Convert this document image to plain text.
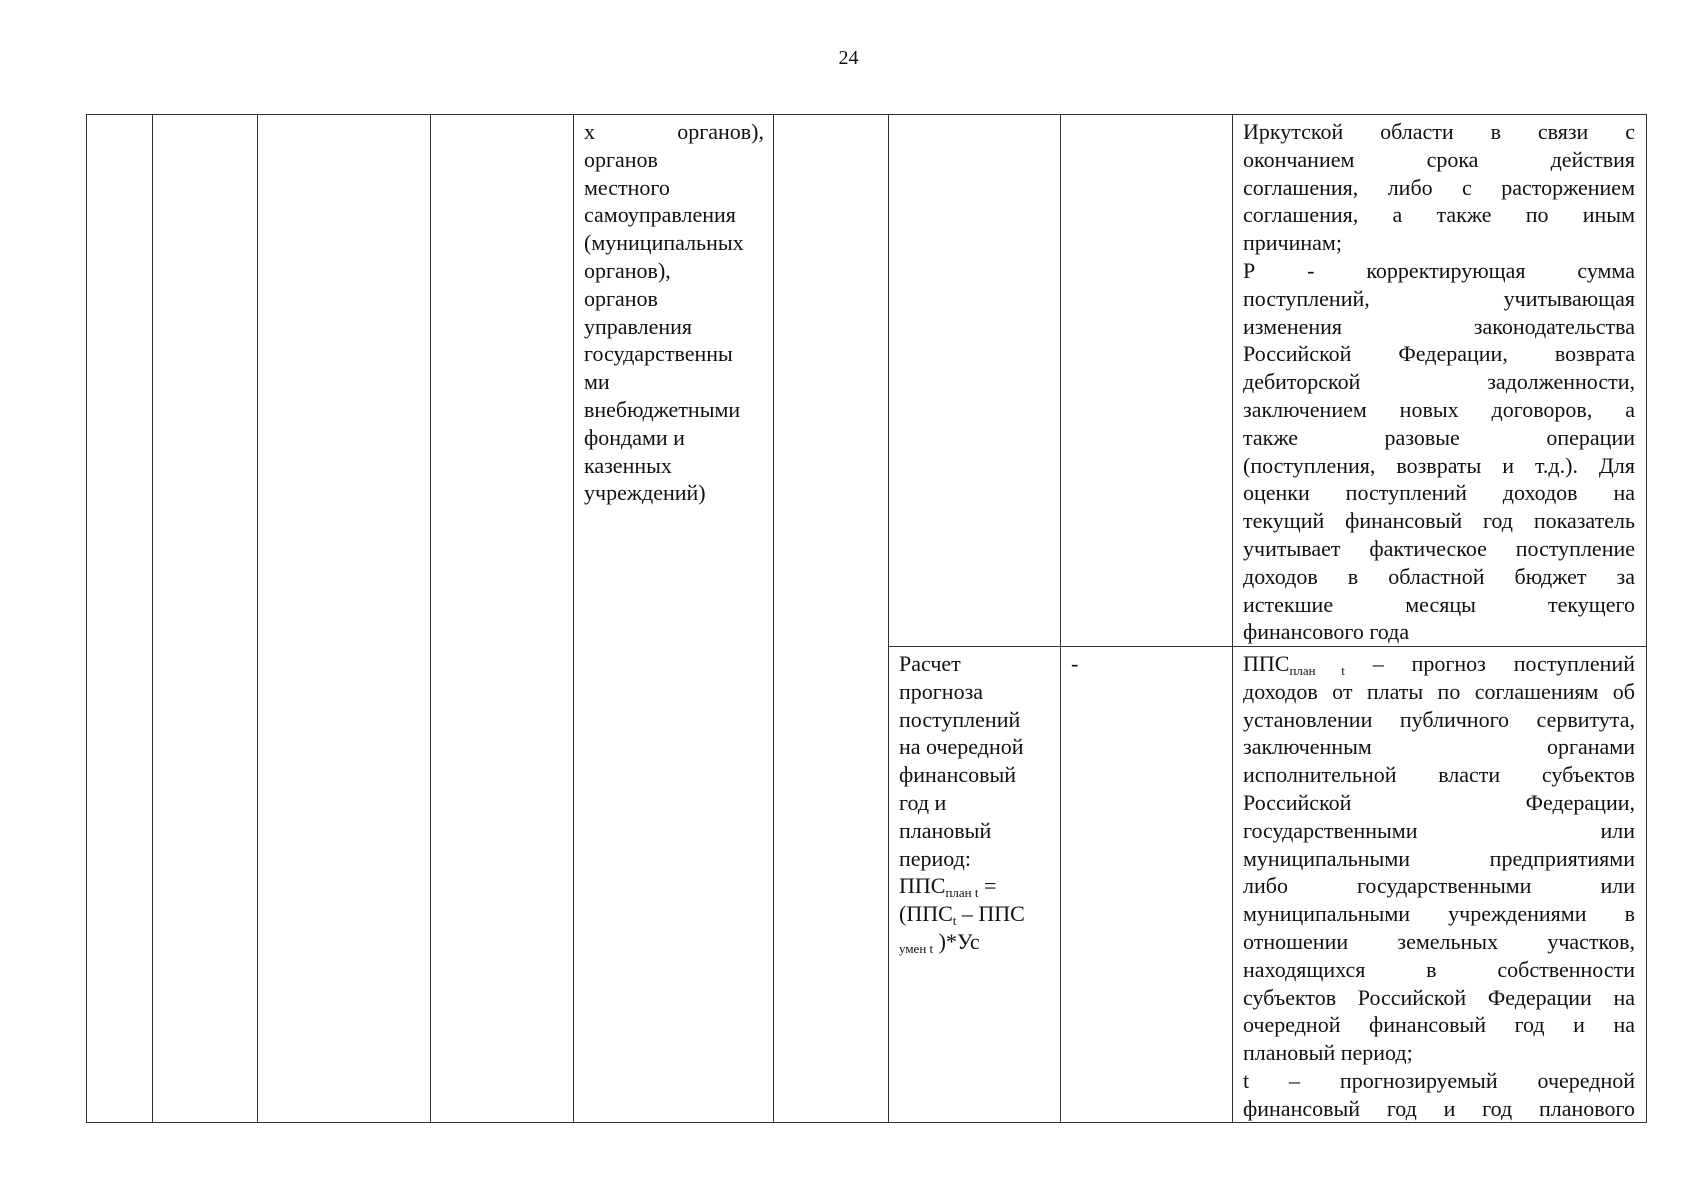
24
х органов),
органов
местного
самоуправления
(муниципальных
органов),
органов
управления
государственны
ми
внебюджетными
фондами и
казенных
учреждений)
Иркутской области в связи с
окончанием срока действия
соглашения, либо с расторжением
соглашения, а также по иным
причинам;
Р - корректирующая сумма
поступлений, учитывающая
изменения законодательства
Российской Федерации, возврата
дебиторской задолженности,
заключением новых договоров, а
также разовые операции
(поступления, возвраты и т.д.). Для
оценки поступлений доходов на
текущий финансовый год показатель
учитывает фактическое поступление
доходов в областной бюджет за
истекшие месяцы текущего
финансового года
Расчет
прогноза
поступлений
на очередной
финансовый
год и
плановый
период:
$ППС_{план t}$ =
($ППС_t$ – ППС
$_{умен t}$ )*Ус
-	$ППС_{план t}$ – прогноз поступлений
доходов от платы по соглашениям об
установлении публичного сервитута,
заключенным органами
исполнительной власти субъектов
Российской Федерации,
государственными или
муниципальными предприятиями
либо государственными или
муниципальными учреждениями в
отношении земельных участков,
находящихся в собственности
субъектов Российской Федерации на
очередной финансовый год и на
плановый период;
t – прогнозируемый очередной
финансовый год и год планового
